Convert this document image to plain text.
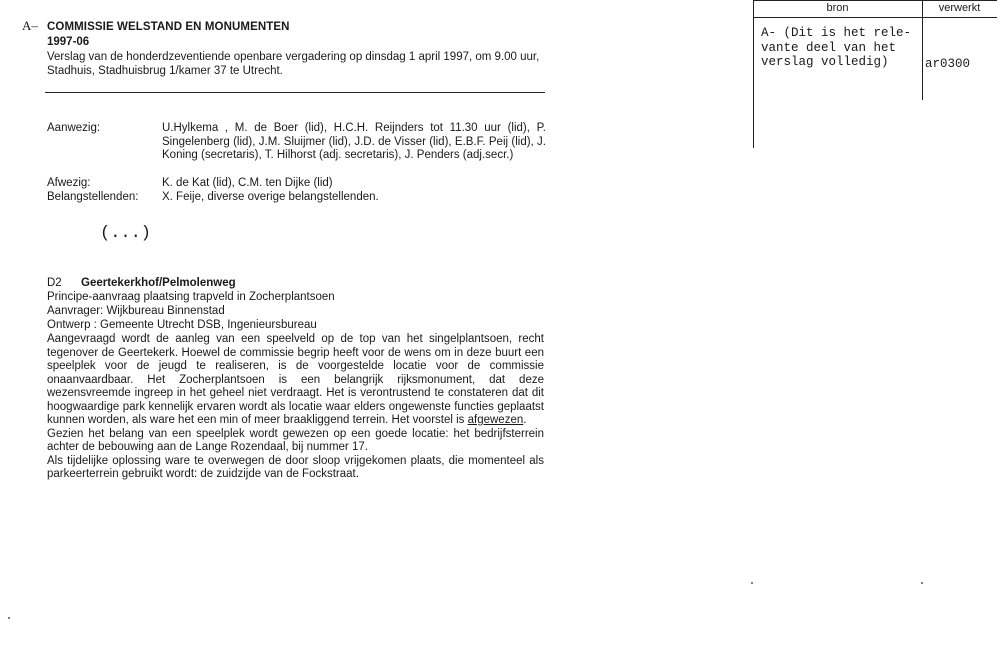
A– COMMISSIE WELSTAND EN MONUMENTEN
1997-06
Verslag van de honderdzeventiende openbare vergadering op dinsdag 1 april 1997, om 9.00 uur, Stadhuis, Stadhuisbrug 1/kamer 37 te Utrecht.
Aanwezig:	U.Hylkema , M. de Boer (lid), H.C.H. Reijnders tot 11.30 uur (lid), P. Singelenberg (lid), J.M. Sluijmer (lid), J.D. de Visser (lid), E.B.F. Peij (lid), J. Koning (secretaris), T. Hilhorst (adj. secretaris), J. Penders (adj.secr.)
Afwezig:	K. de Kat (lid), C.M. ten Dijke (lid)
Belangstellenden: X. Feije, diverse overige belangstellenden.
(...)
D2 Geertekerkhof/Pelmolenweg
Principe-aanvraag plaatsing trapveld in Zocherplantsoen
Aanvrager: Wijkbureau Binnenstad
Ontwerp : Gemeente Utrecht DSB, Ingenieursbureau

Aangevraagd wordt de aanleg van een speelveld op de top van het singelplantsoen, recht tegenover de Geertekerk. Hoewel de commissie begrip heeft voor de wens om in deze buurt een speelplek voor de jeugd te realiseren, is de voorgestelde locatie voor de commissie onaanvaardbaar. Het Zocherplantsoen is een belangrijk rijksmonument, dat deze wezensvreemde ingreep in het geheel niet verdraagt. Het is verontrustend te constateren dat dit hoogwaardige park kennelijk ervaren wordt als locatie waar elders ongewenste functies geplaatst kunnen worden, als ware het een min of meer braakliggend terrein. Het voorstel is afgewezen.

Gezien het belang van een speelplek wordt gewezen op een goede locatie: het bedrijfsterrein achter de bebouwing aan de Lange Rozendaal, bij nummer 17.

Als tijdelijke oplossing ware te overwegen de door sloop vrijgekomen plaats, die momenteel als parkeerterrein gebruikt wordt: de zuidzijde van de Fockstraat.

bron	verwerkt
A- (Dit is het rele-
vante deel van het
verslag volledig)	ar0300
